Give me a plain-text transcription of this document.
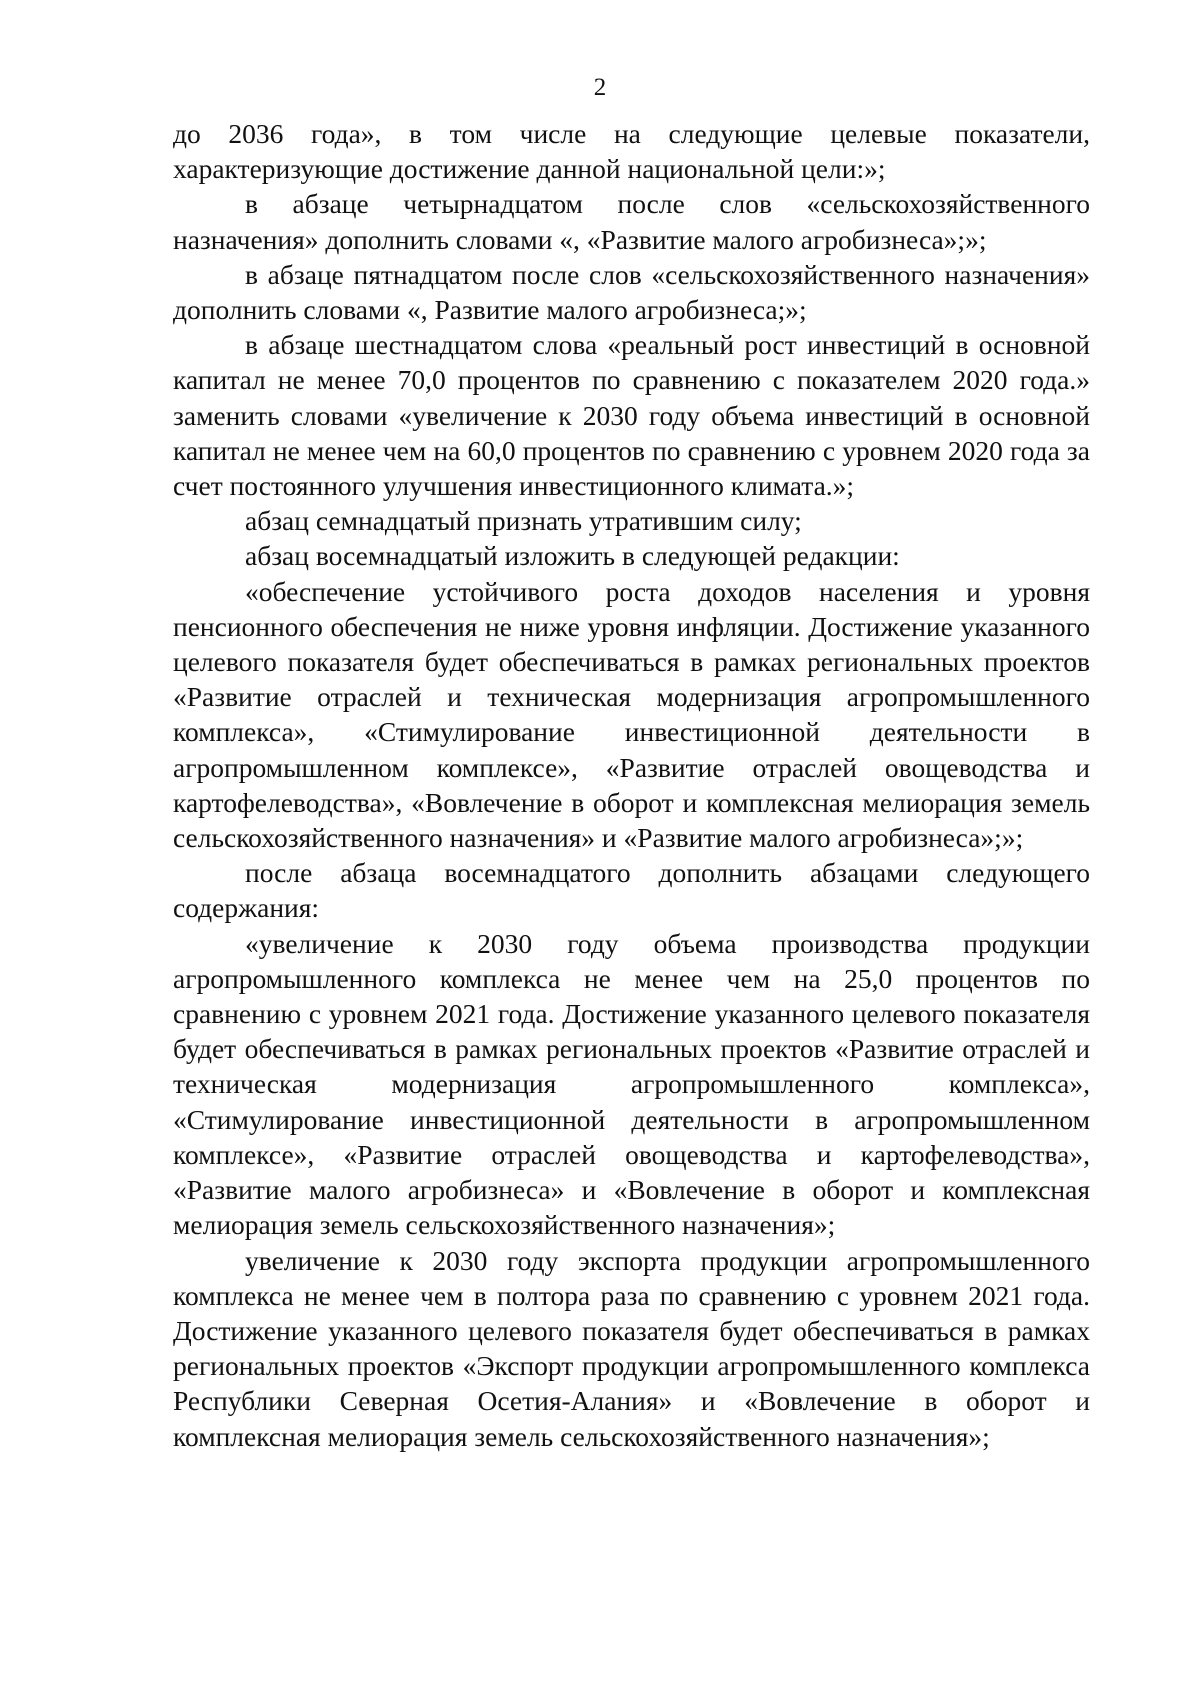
2

до 2036 года», в том числе на следующие целевые показатели, характеризующие достижение данной национальной цели:»;

в абзаце четырнадцатом после слов «сельскохозяйственного назначения» дополнить словами «, «Развитие малого агробизнеса»;»;

в абзаце пятнадцатом после слов «сельскохозяйственного назначения» дополнить словами «, Развитие малого агробизнеса;»;

в абзаце шестнадцатом слова «реальный рост инвестиций в основной капитал не менее 70,0 процентов по сравнению с показателем 2020 года.» заменить словами «увеличение к 2030 году объема инвестиций в основной капитал не менее чем на 60,0 процентов по сравнению с уровнем 2020 года за счет постоянного улучшения инвестиционного климата.»;

абзац семнадцатый признать утратившим силу;

абзац восемнадцатый изложить в следующей редакции:

«обеспечение устойчивого роста доходов населения и уровня пенсионного обеспечения не ниже уровня инфляции. Достижение указанного целевого показателя будет обеспечиваться в рамках региональных проектов «Развитие отраслей и техническая модернизация агропромышленного комплекса», «Стимулирование инвестиционной деятельности в агропромышленном комплексе», «Развитие отраслей овощеводства и картофелеводства», «Вовлечение в оборот и комплексная мелиорация земель сельскохозяйственного назначения» и «Развитие малого агробизнеса»;»;

после абзаца восемнадцатого дополнить абзацами следующего содержания:

«увеличение к 2030 году объема производства продукции агропромышленного комплекса не менее чем на 25,0 процентов по сравнению с уровнем 2021 года. Достижение указанного целевого показателя будет обеспечиваться в рамках региональных проектов «Развитие отраслей и техническая модернизация агропромышленного комплекса», «Стимулирование инвестиционной деятельности в агропромышленном комплексе», «Развитие отраслей овощеводства и картофелеводства», «Развитие малого агробизнеса» и «Вовлечение в оборот и комплексная мелиорация земель сельскохозяйственного назначения»;

увеличение к 2030 году экспорта продукции агропромышленного комплекса не менее чем в полтора раза по сравнению с уровнем 2021 года. Достижение указанного целевого показателя будет обеспечиваться в рамках региональных проектов «Экспорт продукции агропромышленного комплекса Республики Северная Осетия-Алания» и «Вовлечение в оборот и комплексная мелиорация земель сельскохозяйственного назначения»;
